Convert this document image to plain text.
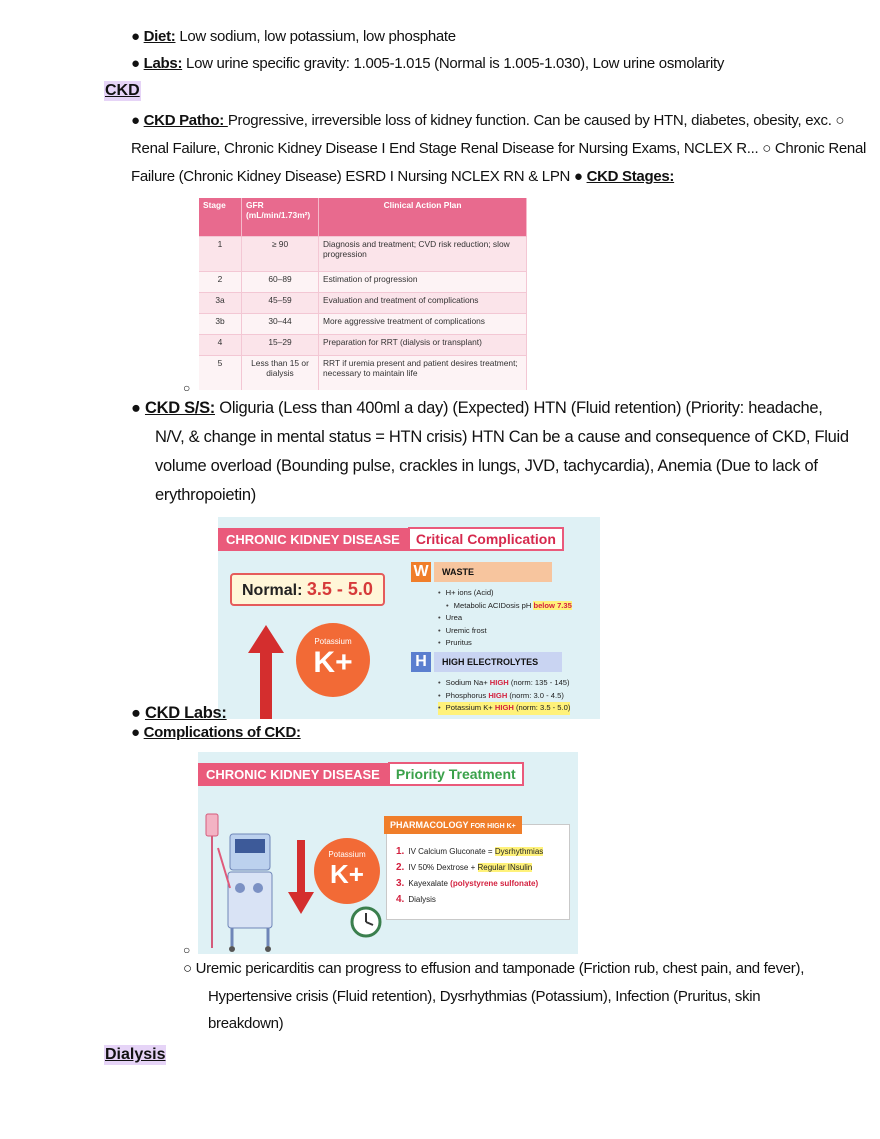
● Diet: Low sodium, low potassium, low phosphate
● Labs: Low urine specific gravity: 1.005-1.015 (Normal is 1.005-1.030), Low urine osmolarity
CKD
● CKD Patho: Progressive, irreversible loss of kidney function. Can be caused by HTN, diabetes, obesity, exc. ○
Renal Failure, Chronic Kidney Disease I End Stage Renal Disease for Nursing Exams, NCLEX R... ○ Chronic Renal
Failure (Chronic Kidney Disease) ESRD I Nursing NCLEX RN & LPN ● CKD Stages:
Stage	GFR (mL/min/1.73m²)	Clinical Action Plan
1	≥ 90	Diagnosis and treatment; CVD risk reduction; slow progression
2	60–89	Estimation of progression
3a	45–59	Evaluation and treatment of complications
3b	30–44	More aggressive treatment of complications
4	15–29	Preparation for RRT (dialysis or transplant)
5	Less than 15 or dialysis	RRT if uremia present and patient desires treatment; necessary to maintain life
○
● CKD S/S: Oliguria (Less than 400ml a day) (Expected) HTN (Fluid retention) (Priority: headache,
N/V, & change in mental status = HTN crisis) HTN Can be a cause and consequence of CKD, Fluid
volume overload (Bounding pulse, crackles in lungs, JVD, tachycardia), Anemia (Due to lack of
erythropoietin)
CHRONIC KIDNEY DISEASE	Critical Complication
Normal: 3.5 - 5.0
Potassium
K+
W	WASTE
• H+ ions (Acid)
• Metabolic ACIDosis pH below 7.35
• Urea
• Uremic frost
• Pruritus
H	HIGH ELECTROLYTES
• Sodium Na+ HIGH (norm: 135 - 145)
• Phosphorus HIGH (norm: 3.0 - 4.5)
• Potassium K+ HIGH (norm: 3.5 - 5.0)
● CKD Labs:
● Complications of CKD:
CHRONIC KIDNEY DISEASE	Priority Treatment
Potassium
K+
PHARMACOLOGY FOR HIGH K+
1. IV Calcium Gluconate = Dysrhythmias
2. IV 50% Dextrose + Regular INsulin
3. Kayexalate (polystyrene sulfonate)
4. Dialysis
○
○ Uremic pericarditis can progress to effusion and tamponade (Friction rub, chest pain, and fever),
Hypertensive crisis (Fluid retention), Dysrhythmias (Potassium), Infection (Pruritus, skin
breakdown)
Dialysis
